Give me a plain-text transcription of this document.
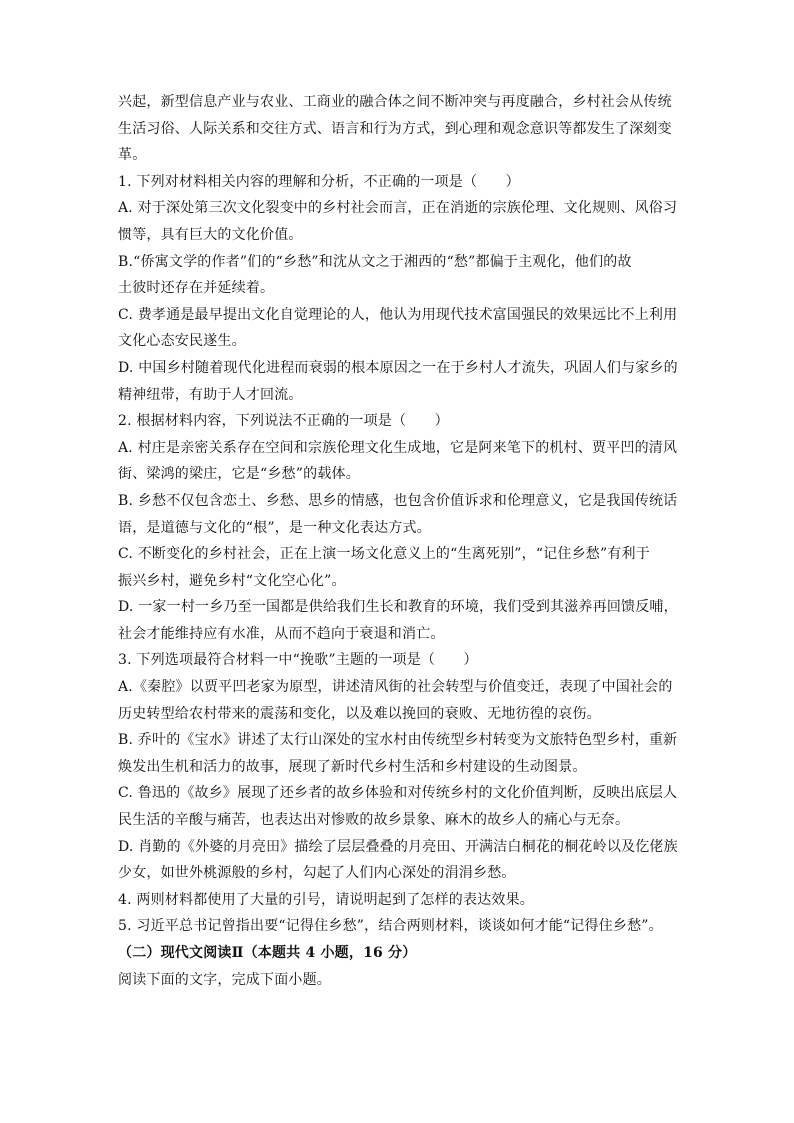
兴起，新型信息产业与农业、工商业的融合体之间不断冲突与再度融合，乡村社会从传统
生活习俗、人际关系和交往方式、语言和行为方式，到心理和观念意识等都发生了深刻变
革。
1. 下列对材料相关内容的理解和分析，不正确的一项是（　　）
A. 对于深处第三次文化裂变中的乡村社会而言，正在消逝的宗族伦理、文化规则、风俗习
惯等，具有巨大的文化价值。
B.“侨寓文学的作者”们的“乡愁”和沈从文之于湘西的“愁”都偏于主观化，他们的故
土彼时还存在并延续着。
C. 费孝通是最早提出文化自觉理论的人，他认为用现代技术富国强民的效果远比不上利用
文化心态安民遂生。
D. 中国乡村随着现代化进程而衰弱的根本原因之一在于乡村人才流失，巩固人们与家乡的
精神纽带，有助于人才回流。
2. 根据材料内容，下列说法不正确的一项是（　　）
A. 村庄是亲密关系存在空间和宗族伦理文化生成地，它是阿来笔下的机村、贾平凹的清风
街、梁鸿的梁庄，它是“乡愁”的载体。
B. 乡愁不仅包含恋土、乡愁、思乡的情感，也包含价值诉求和伦理意义，它是我国传统话
语，是道德与文化的“根”，是一种文化表达方式。
C. 不断变化的乡村社会，正在上演一场文化意义上的“生离死别”，“记住乡愁”有利于
振兴乡村，避免乡村“文化空心化”。
D. 一家一村一乡乃至一国都是供给我们生长和教育的环境，我们受到其滋养再回馈反哺，
社会才能维持应有水准，从而不趋向于衰退和消亡。
3. 下列选项最符合材料一中“挽歌”主题的一项是（　　）
A.《秦腔》以贾平凹老家为原型，讲述清风街的社会转型与价值变迁，表现了中国社会的
历史转型给农村带来的震荡和变化，以及难以挽回的衰败、无地彷徨的哀伤。
B. 乔叶的《宝水》讲述了太行山深处的宝水村由传统型乡村转变为文旅特色型乡村，重新
焕发出生机和活力的故事，展现了新时代乡村生活和乡村建设的生动图景。
C. 鲁迅的《故乡》展现了还乡者的故乡体验和对传统乡村的文化价值判断，反映出底层人
民生活的辛酸与痛苦，也表达出对惨败的故乡景象、麻木的故乡人的痛心与无奈。
D. 肖勤的《外婆的月亮田》描绘了层层叠叠的月亮田、开满洁白桐花的桐花岭以及仡佬族
少女，如世外桃源般的乡村，勾起了人们内心深处的涓涓乡愁。
4. 两则材料都使用了大量的引号，请说明起到了怎样的表达效果。
5. 习近平总书记曾指出要“记得住乡愁”，结合两则材料，谈谈如何才能“记得住乡愁”。
（二）现代文阅读Ⅱ（本题共 4 小题，16 分）
阅读下面的文字，完成下面小题。
